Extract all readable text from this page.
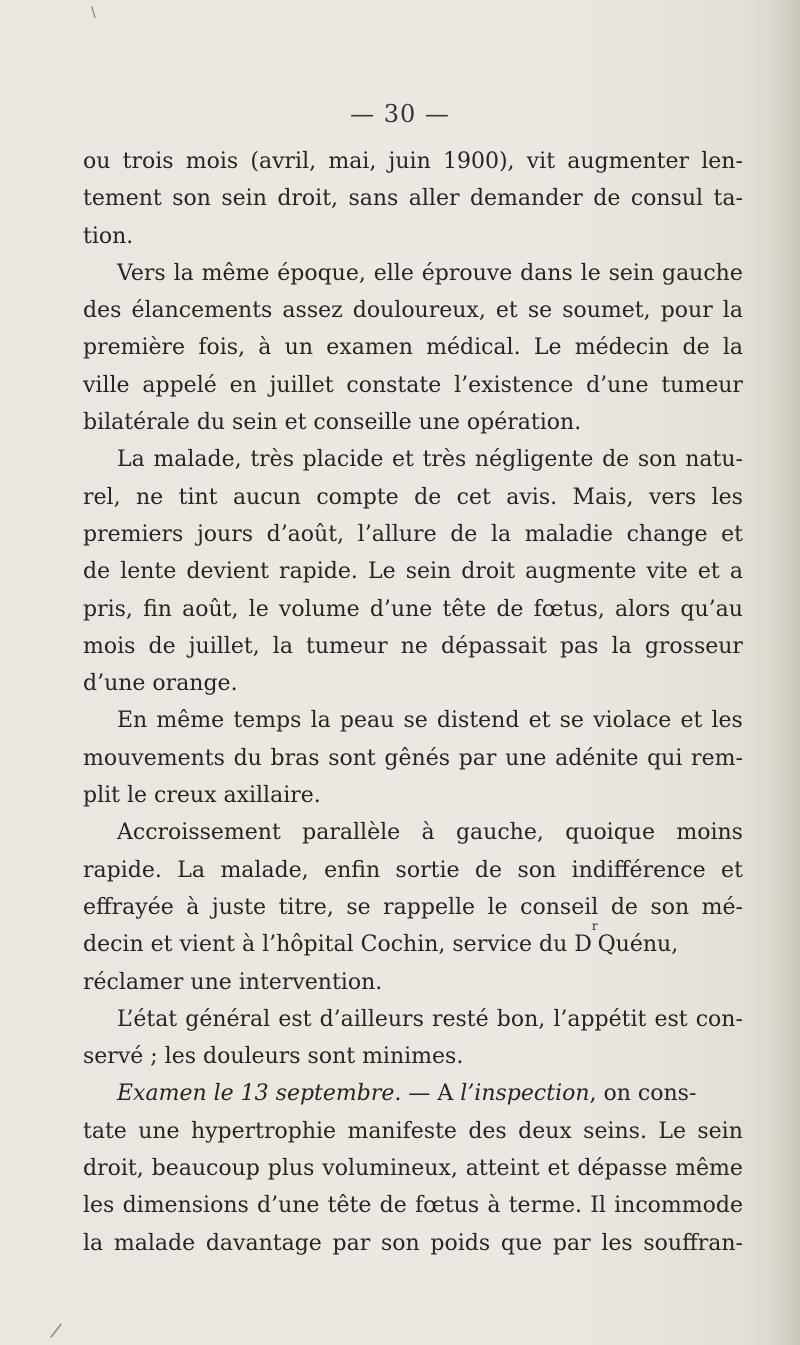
\
— 30 —
ou trois mois (avril, mai, juin 1900), vit augmenter len-
tement son sein droit, sans aller demander de consul ta-
tion.
Vers la même époque, elle éprouve dans le sein gauche
des élancements assez douloureux, et se soumet, pour la
première fois, à un examen médical. Le médecin de la
ville appelé en juillet constate l’existence d’une tumeur
bilatérale du sein et conseille une opération.
La malade, très placide et très négligente de son natu-
rel, ne tint aucun compte de cet avis. Mais, vers les
premiers jours d’août, l’allure de la maladie change et
de lente devient rapide. Le sein droit augmente vite et a
pris, fin août, le volume d’une tête de fœtus, alors qu’au
mois de juillet, la tumeur ne dépassait pas la grosseur
d’une orange.
En même temps la peau se distend et se violace et les
mouvements du bras sont gênés par une adénite qui rem-
plit le creux axillaire.
Accroissement parallèle à gauche, quoique moins
rapide. La malade, enfin sortie de son indifférence et
effrayée à juste titre, se rappelle le conseil de son mé-
decin et vient à l’hôpital Cochin, service du D
r
Quénu,
réclamer une intervention.
L’état général est d’ailleurs resté bon, l’appétit est con-
servé ; les douleurs sont minimes.
Examen le 13 septembre.
— A
l’inspection , on cons-
tate une hypertrophie manifeste des deux seins. Le sein
droit, beaucoup plus volumineux, atteint et dépasse même
les dimensions d’une tête de fœtus à terme. Il incommode
la malade davantage par son poids que par les souffran-
/
